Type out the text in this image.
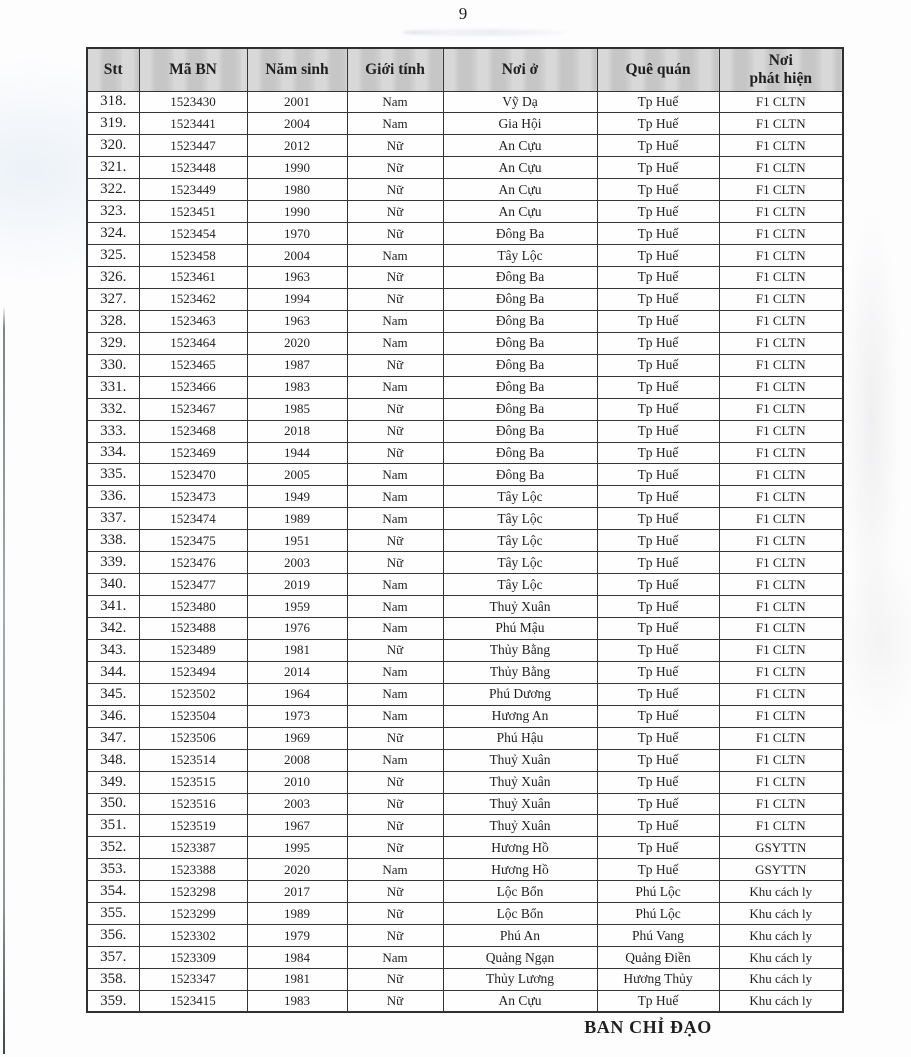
9
Stt	Mã BN	Năm sinh	Giới tính	Nơi ở	Quê quán	Nơi
phát hiện

318.	1523430	2001	Nam	Vỹ Dạ	Tp Huế	F1 CLTN
319.	1523441	2004	Nam	Gia Hội	Tp Huế	F1 CLTN
320.	1523447	2012	Nữ	An Cựu	Tp Huế	F1 CLTN
321.	1523448	1990	Nữ	An Cựu	Tp Huế	F1 CLTN
322.	1523449	1980	Nữ	An Cựu	Tp Huế	F1 CLTN
323.	1523451	1990	Nữ	An Cựu	Tp Huế	F1 CLTN
324.	1523454	1970	Nữ	Đông Ba	Tp Huế	F1 CLTN
325.	1523458	2004	Nam	Tây Lộc	Tp Huế	F1 CLTN
326.	1523461	1963	Nữ	Đông Ba	Tp Huế	F1 CLTN
327.	1523462	1994	Nữ	Đông Ba	Tp Huế	F1 CLTN
328.	1523463	1963	Nam	Đông Ba	Tp Huế	F1 CLTN
329.	1523464	2020	Nam	Đông Ba	Tp Huế	F1 CLTN
330.	1523465	1987	Nữ	Đông Ba	Tp Huế	F1 CLTN
331.	1523466	1983	Nam	Đông Ba	Tp Huế	F1 CLTN
332.	1523467	1985	Nữ	Đông Ba	Tp Huế	F1 CLTN
333.	1523468	2018	Nữ	Đông Ba	Tp Huế	F1 CLTN
334.	1523469	1944	Nữ	Đông Ba	Tp Huế	F1 CLTN
335.	1523470	2005	Nam	Đông Ba	Tp Huế	F1 CLTN
336.	1523473	1949	Nam	Tây Lộc	Tp Huế	F1 CLTN
337.	1523474	1989	Nam	Tây Lộc	Tp Huế	F1 CLTN
338.	1523475	1951	Nữ	Tây Lộc	Tp Huế	F1 CLTN
339.	1523476	2003	Nữ	Tây Lộc	Tp Huế	F1 CLTN
340.	1523477	2019	Nam	Tây Lộc	Tp Huế	F1 CLTN
341.	1523480	1959	Nam	Thuỷ Xuân	Tp Huế	F1 CLTN
342.	1523488	1976	Nam	Phú Mậu	Tp Huế	F1 CLTN
343.	1523489	1981	Nữ	Thủy Bằng	Tp Huế	F1 CLTN
344.	1523494	2014	Nam	Thủy Bằng	Tp Huế	F1 CLTN
345.	1523502	1964	Nam	Phú Dương	Tp Huế	F1 CLTN
346.	1523504	1973	Nam	Hương An	Tp Huế	F1 CLTN
347.	1523506	1969	Nữ	Phú Hậu	Tp Huế	F1 CLTN
348.	1523514	2008	Nam	Thuỷ Xuân	Tp Huế	F1 CLTN
349.	1523515	2010	Nữ	Thuỷ Xuân	Tp Huế	F1 CLTN
350.	1523516	2003	Nữ	Thuỷ Xuân	Tp Huế	F1 CLTN
351.	1523519	1967	Nữ	Thuỷ Xuân	Tp Huế	F1 CLTN
352.	1523387	1995	Nữ	Hương Hồ	Tp Huế	GSYTTN
353.	1523388	2020	Nam	Hương Hồ	Tp Huế	GSYTTN
354.	1523298	2017	Nữ	Lộc Bổn	Phú Lộc	Khu cách ly
355.	1523299	1989	Nữ	Lộc Bổn	Phú Lộc	Khu cách ly
356.	1523302	1979	Nữ	Phú An	Phú Vang	Khu cách ly
357.	1523309	1984	Nam	Quảng Ngạn	Quảng Điền	Khu cách ly
358.	1523347	1981	Nữ	Thủy Lương	Hương Thủy	Khu cách ly
359.	1523415	1983	Nữ	An Cựu	Tp Huế	Khu cách ly
BAN CHỈ ĐẠO
